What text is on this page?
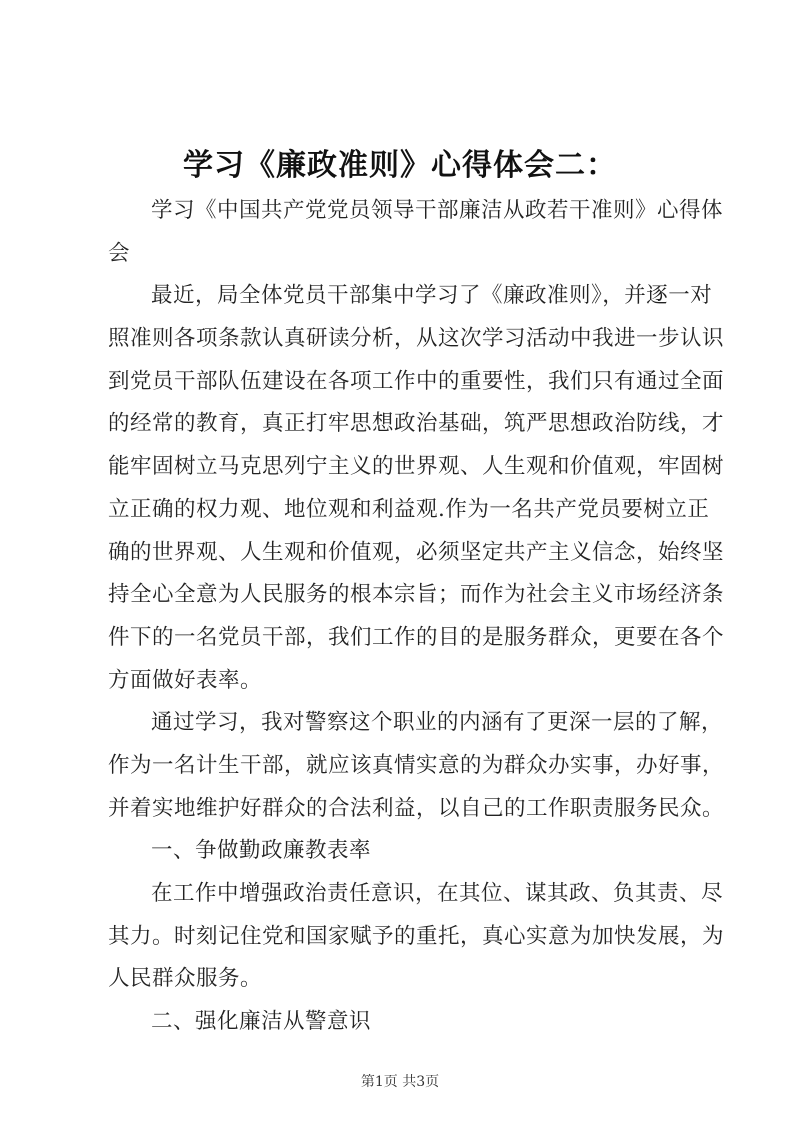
学习《廉政准则》心得体会二：
学习《中国共产党党员领导干部廉洁从政若干准则》心得体
会
最近，局全体党员干部集中学习了《廉政准则》，并逐一对
照准则各项条款认真研读分析，从这次学习活动中我进一步认识
到党员干部队伍建设在各项工作中的重要性，我们只有通过全面
的经常的教育，真正打牢思想政治基础，筑严思想政治防线，才
能牢固树立马克思列宁主义的世界观、人生观和价值观，牢固树
立正确的权力观、地位观和利益观.作为一名共产党员要树立正
确的世界观、人生观和价值观，必须坚定共产主义信念，始终坚
持全心全意为人民服务的根本宗旨；而作为社会主义市场经济条
件下的一名党员干部，我们工作的目的是服务群众，更要在各个
方面做好表率。
通过学习，我对警察这个职业的内涵有了更深一层的了解，
作为一名计生干部，就应该真情实意的为群众办实事，办好事，
并着实地维护好群众的合法利益，以自己的工作职责服务民众。
一、争做勤政廉教表率
在工作中增强政治责任意识，在其位、谋其政、负其责、尽
其力。时刻记住党和国家赋予的重托，真心实意为加快发展，为
人民群众服务。
二、强化廉洁从警意识
第1页 共3页
